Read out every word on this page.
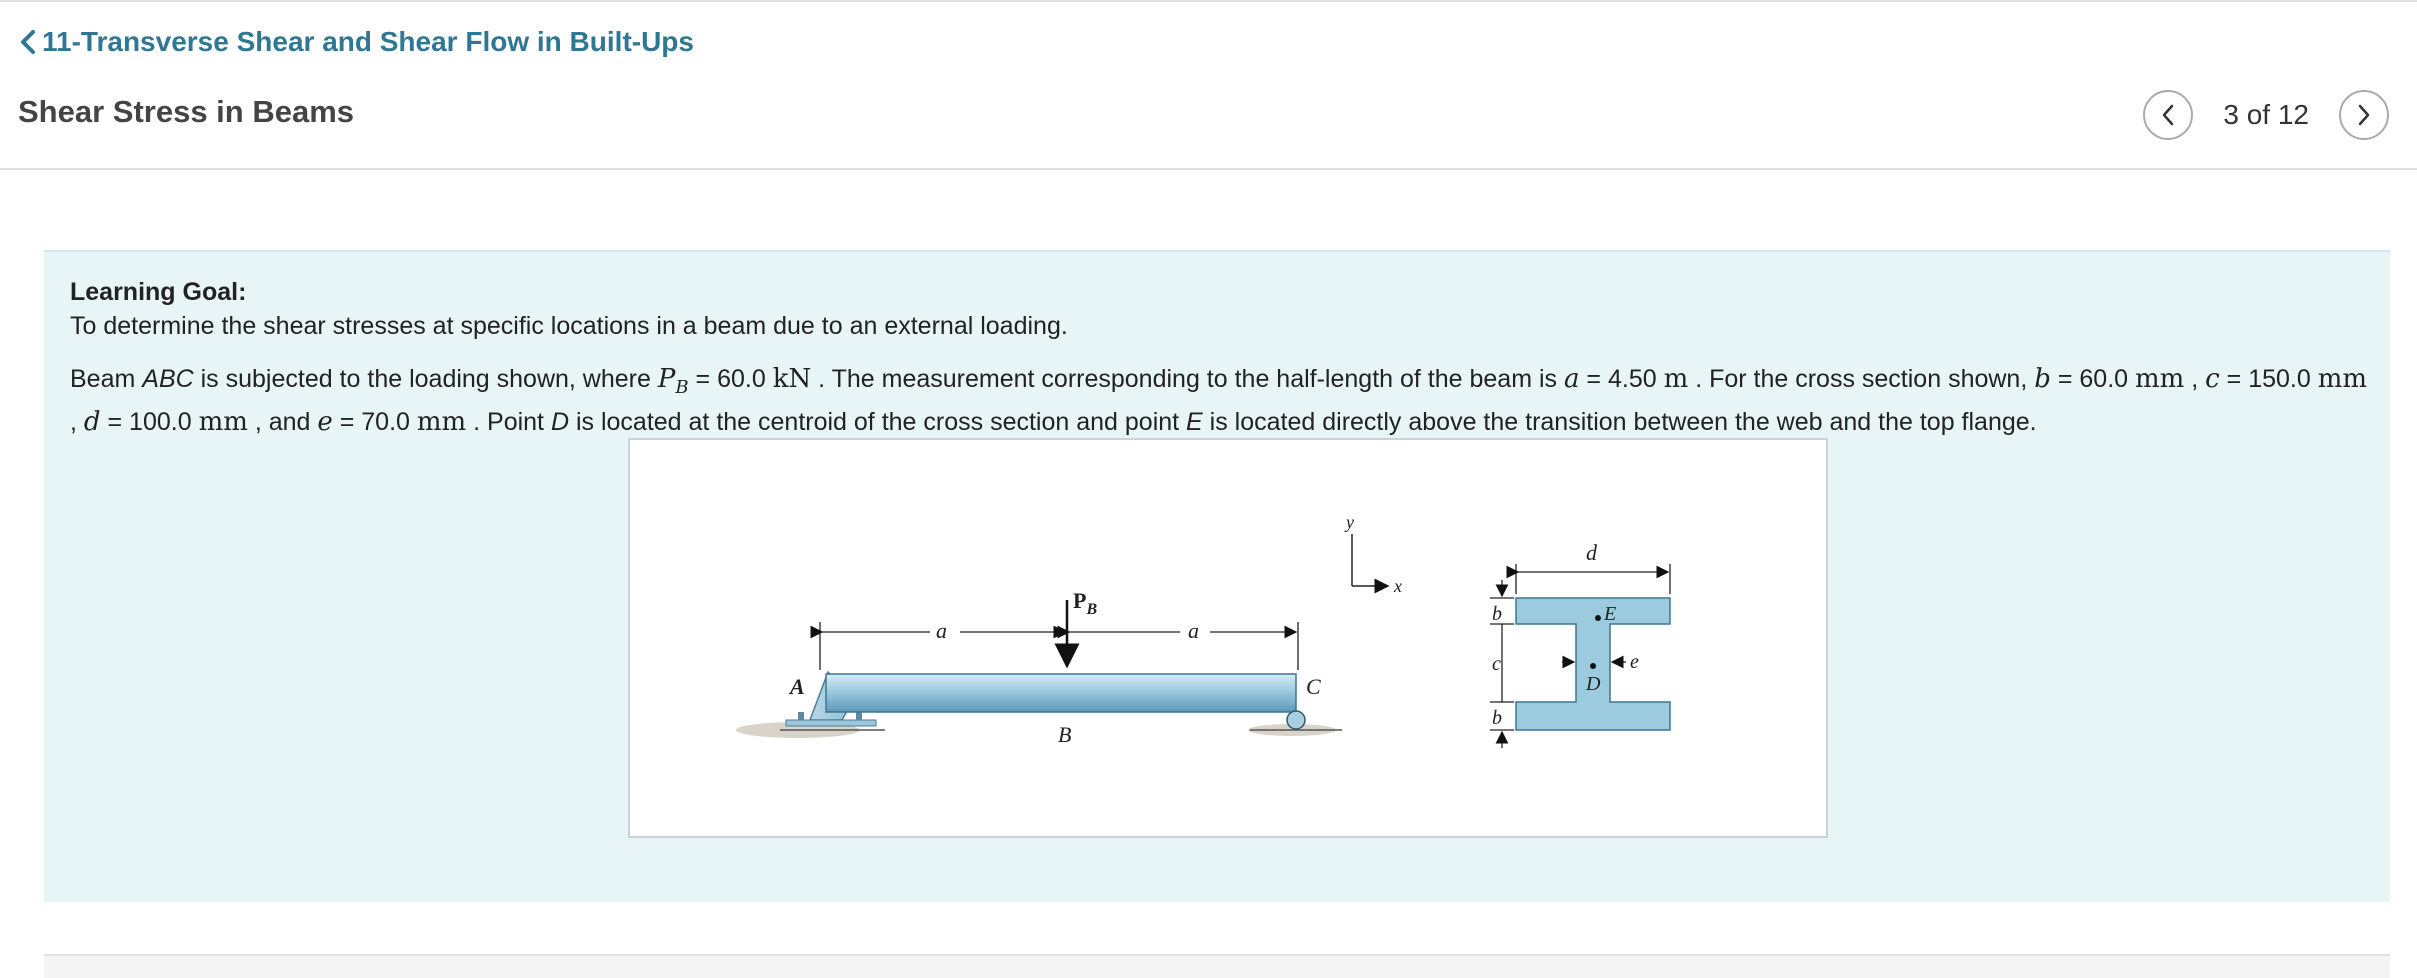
11-Transverse Shear and Shear Flow in Built-Ups
Shear Stress in Beams	3 of 12
Learning Goal:
To determine the shear stresses at specific locations in a beam due to an external loading.
Beam ABC is subjected to the loading shown, where $P_B = 60.0$ kN . The measurement corresponding to the half-length of the beam is a = 4.50 m . For the cross section shown, b = 60.0 mm , c = 150.0 mm , d = 100.0 mm , and e = 70.0 mm . Point D is located at the centroid of the cross section and point E is located directly above the transition between the web and the top flange.
a	a
$P_B$
A
B
C
y
x
d
b
c
b
E
D
e
